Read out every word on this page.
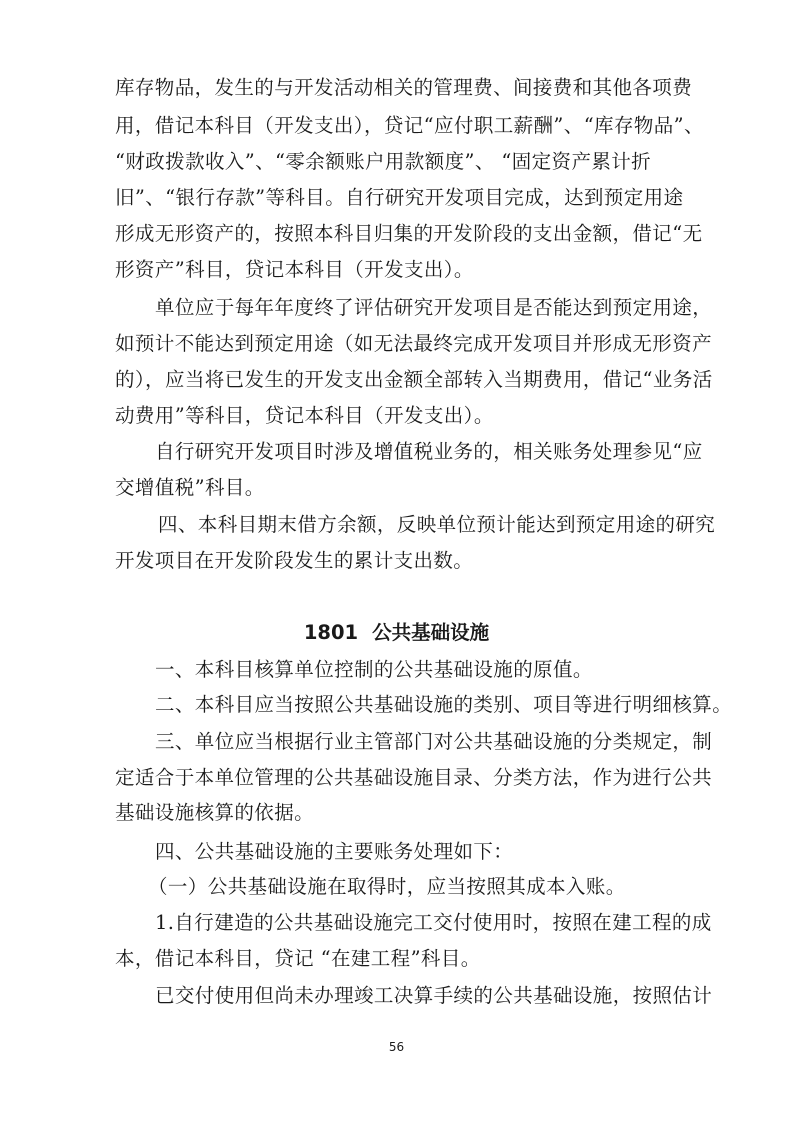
库存物品，发生的与开发活动相关的管理费、间接费和其他各项费
用，借记本科目（开发支出），贷记“应付职工薪酬”、“库存物品”、
“财政拨款收入”、“零余额账户用款额度”、 “固定资产累计折
旧”、“银行存款”等科目。自行研究开发项目完成，达到预定用途
形成无形资产的，按照本科目归集的开发阶段的支出金额，借记“无
形资产”科目，贷记本科目（开发支出）。
单位应于每年年度终了评估研究开发项目是否能达到预定用途，
如预计不能达到预定用途（如无法最终完成开发项目并形成无形资产
的），应当将已发生的开发支出金额全部转入当期费用，借记“业务活
动费用”等科目，贷记本科目（开发支出）。
自行研究开发项目时涉及增值税业务的，相关账务处理参见“应
交增值税”科目。
四、本科目期末借方余额，反映单位预计能达到预定用途的研究
开发项目在开发阶段发生的累计支出数。
1801 公共基础设施
一、本科目核算单位控制的公共基础设施的原值。
二、本科目应当按照公共基础设施的类别、项目等进行明细核算。
三、单位应当根据行业主管部门对公共基础设施的分类规定，制
定适合于本单位管理的公共基础设施目录、分类方法，作为进行公共
基础设施核算的依据。
四、公共基础设施的主要账务处理如下：
（一）公共基础设施在取得时，应当按照其成本入账。
1.自行建造的公共基础设施完工交付使用时，按照在建工程的成
本，借记本科目，贷记 “在建工程”科目。
已交付使用但尚未办理竣工决算手续的公共基础设施，按照估计
56
